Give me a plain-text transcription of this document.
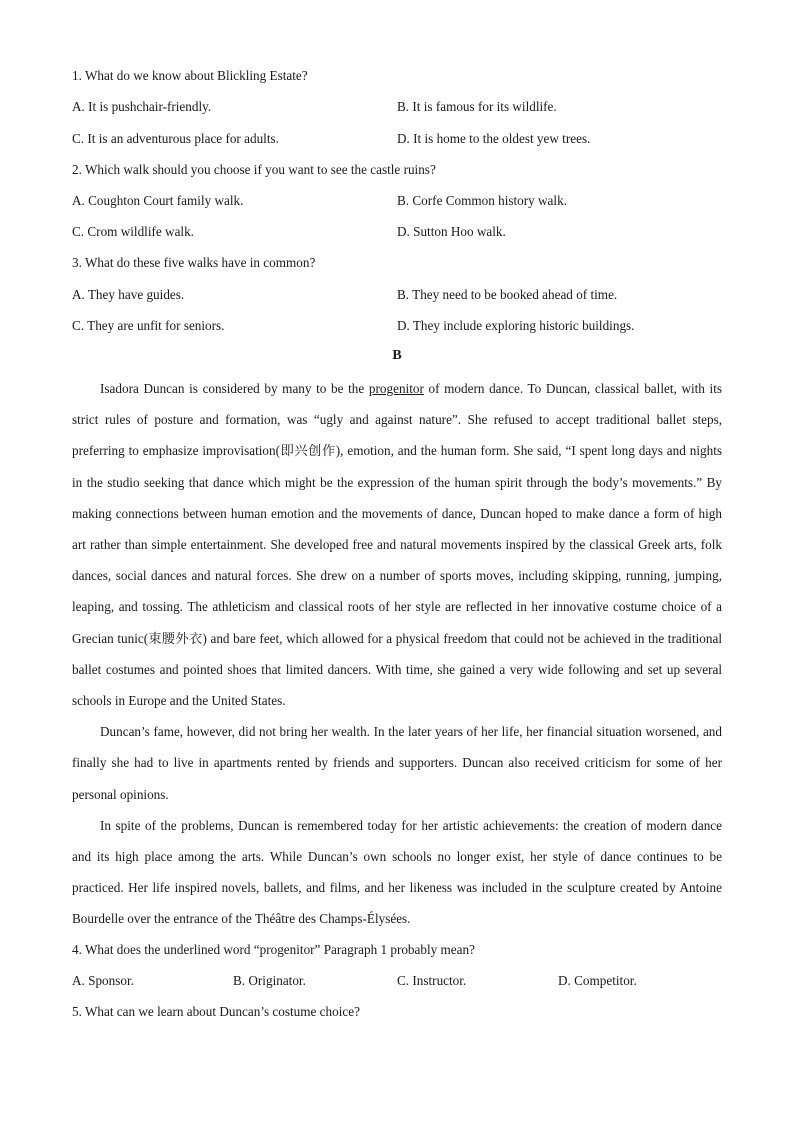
1. What do we know about Blickling Estate?
A. It is pushchair-friendly.	B. It is famous for its wildlife.
C. It is an adventurous place for adults.	D. It is home to the oldest yew trees.
2. Which walk should you choose if you want to see the castle ruins?
A. Coughton Court family walk.	B. Corfe Common history walk.
C. Crom wildlife walk.	D. Sutton Hoo walk.
3. What do these five walks have in common?
A. They have guides.	B. They need to be booked ahead of time.
C. They are unfit for seniors.	D. They include exploring historic buildings.
B

Isadora Duncan is considered by many to be the progenitor of modern dance. To Duncan, classical ballet, with its strict rules of posture and formation, was “ugly and against nature”. She refused to accept traditional ballet steps, preferring to emphasize improvisation(即兴创作), emotion, and the human form. She said, “I spent long days and nights in the studio seeking that dance which might be the expression of the human spirit through the body’s movements.” By making connections between human emotion and the movements of dance, Duncan hoped to make dance a form of high art rather than simple entertainment. She developed free and natural movements inspired by the classical Greek arts, folk dances, social dances and natural forces. She drew on a number of sports moves, including skipping, running, jumping, leaping, and tossing. The athleticism and classical roots of her style are reflected in her innovative costume choice of a Grecian tunic(束腰外衣) and bare feet, which allowed for a physical freedom that could not be achieved in the traditional ballet costumes and pointed shoes that limited dancers. With time, she gained a very wide following and set up several schools in Europe and the United States.

Duncan’s fame, however, did not bring her wealth. In the later years of her life, her financial situation worsened, and finally she had to live in apartments rented by friends and supporters. Duncan also received criticism for some of her personal opinions.

In spite of the problems, Duncan is remembered today for her artistic achievements: the creation of modern dance and its high place among the arts. While Duncan’s own schools no longer exist, her style of dance continues to be practiced. Her life inspired novels, ballets, and films, and her likeness was included in the sculpture created by Antoine Bourdelle over the entrance of the Théâtre des Champs-Élysées.

4. What does the underlined word “progenitor” Paragraph 1 probably mean?
A. Sponsor.	B. Originator.	C. Instructor.	D. Competitor.
5. What can we learn about Duncan’s costume choice?
